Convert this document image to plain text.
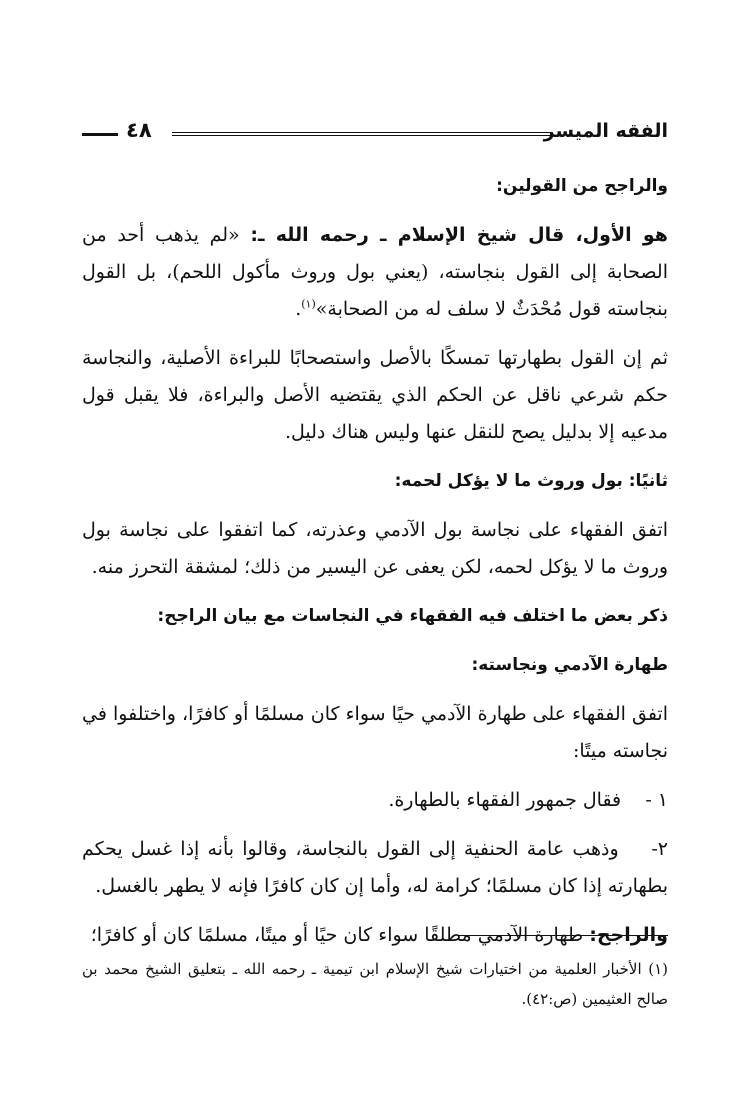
الفقه الميسر
٤٨

والراجح من القولين:

هو الأول، قال شيخ الإسلام ـ رحمه الله ـ: «لم يذهب أحد من الصحابة إلى القول بنجاسته، (يعني بول وروث مأكول اللحم)، بل القول بنجاسته قول مُحْدَثٌ لا سلف له من الصحابة»$^{(١)}$.

ثم إن القول بطهارتها تمسكًا بالأصل واستصحابًا للبراءة الأصلية، والنجاسة حكم شرعي ناقل عن الحكم الذي يقتضيه الأصل والبراءة، فلا يقبل قول مدعيه إلا بدليل يصح للنقل عنها وليس هناك دليل.

ثانيًا: بول وروث ما لا يؤكل لحمه:

اتفق الفقهاء على نجاسة بول الآدمي وعذرته، كما اتفقوا على نجاسة بول وروث ما لا يؤكل لحمه، لكن يعفى عن اليسير من ذلك؛ لمشقة التحرز منه.

ذكر بعض ما اختلف فيه الفقهاء في النجاسات مع بيان الراجح:

طهارة الآدمي ونجاسته:

اتفق الفقهاء على طهارة الآدمي حيًا سواء كان مسلمًا أو كافرًا، واختلفوا في نجاسته ميتًا:

١ -    فقال جمهور الفقهاء بالطهارة.

٢-    وذهب عامة الحنفية إلى القول بالنجاسة، وقالوا بأنه إذا غسل يحكم بطهارته إذا كان مسلمًا؛ كرامة له، وأما إن كان كافرًا فإنه لا يطهر بالغسل.

والراجح: طهارة الآدمي مطلقًا سواء كان حيًا أو ميتًا، مسلمًا كان أو كافرًا؛

(١) الأخبار العلمية من اختيارات شيخ الإسلام ابن تيمية ـ رحمه الله ـ بتعليق الشيخ محمد بن صالح العثيمين (ص:٤٢).
